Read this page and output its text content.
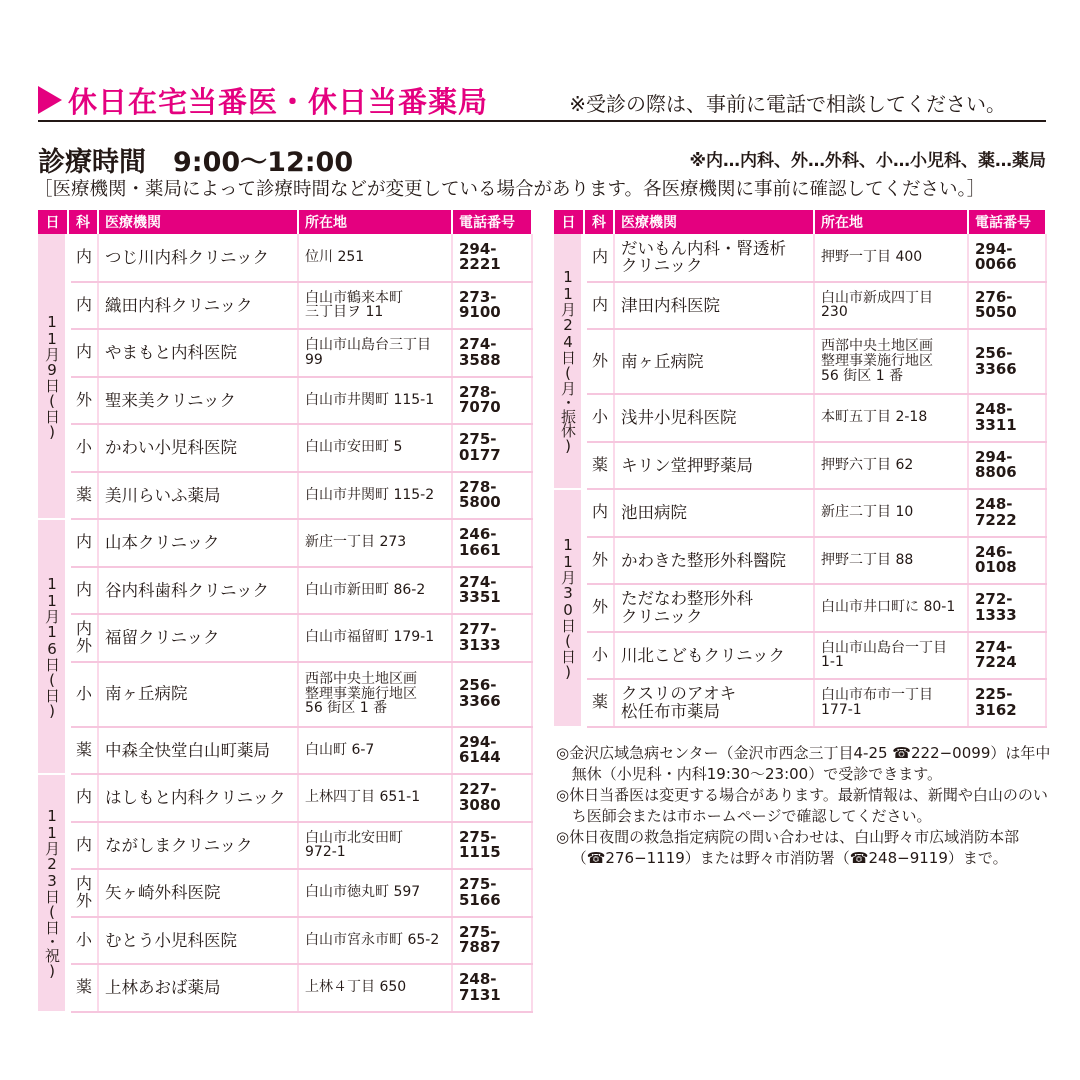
休日在宅当番医・休日当番薬局	※受診の際は、事前に電話で相談してください。
診療時間　9:00〜12:00	※内…内科、外…外科、小…小児科、薬…薬局
［医療機関・薬局によって診療時間などが変更している場合があります。各医療機関に事前に確認してください。］
日	科	医療機関	所在地	電話番号

11月9日(日)	内	つじ川内科クリニック	位川 251	294-2221

	内	織田内科クリニック	白山市鶴来本町
三丁目ヲ 11	273-9100

	内	やまもと内科医院	白山市山島台三丁目
99	274-3588

	外	聖来美クリニック	白山市井関町 115-1	278-7070

	小	かわい小児科医院	白山市安田町 5	275-0177

	薬	美川らいふ薬局	白山市井関町 115-2	278-5800

11月16日(日)	内	山本クリニック	新庄一丁目 273	246-1661

	内	谷内科歯科クリニック	白山市新田町 86-2	274-3351

	内外	福留クリニック	白山市福留町 179-1	277-3133

	小	南ヶ丘病院	西部中央土地区画
整理事業施行地区
56 街区 1 番	256-3366

	薬	中森全快堂白山町薬局	白山町 6-7	294-6144

11月23日(日・祝)	内	はしもと内科クリニック	上林四丁目 651-1	227-3080

	内	ながしまクリニック	白山市北安田町
972-1	275-1115

	内外	矢ヶ崎外科医院	白山市徳丸町 597	275-5166

	小	むとう小児科医院	白山市宮永市町 65-2	275-7887

	薬	上林あおば薬局	上林４丁目 650	248-7131
日	科	医療機関	所在地	電話番号

11月24日(月・振休)	内	だいもん内科・腎透析
クリニック	押野一丁目 400	294-0066

	内	津田内科医院	白山市新成四丁目
230	276-5050

	外	南ヶ丘病院	西部中央土地区画
整理事業施行地区
56 街区 1 番	256-3366

	小	浅井小児科医院	本町五丁目 2-18	248-3311

	薬	キリン堂押野薬局	押野六丁目 62	294-8806

11月30日(日)	内	池田病院	新庄二丁目 10	248-7222

	外	かわきた整形外科醫院	押野二丁目 88	246-0108

	外	ただなわ整形外科
クリニック	白山市井口町に 80-1	272-1333

	小	川北こどもクリニック	白山市山島台一丁目
1-1	274-7224

	薬	クスリのアオキ
松任布市薬局	白山市布市一丁目
177-1	225-3162

◎金沢広域急病センター（金沢市西念三丁目4-25 ☎222−0099）は年中無休（小児科・内科19:30〜23:00）で受診できます。

◎休日当番医は変更する場合があります。最新情報は、新聞や白山ののいち医師会または市ホームページで確認してください。

◎休日夜間の救急指定病院の問い合わせは、白山野々市広域消防本部（☎276−1119）または野々市消防署（☎248−9119）まで。
